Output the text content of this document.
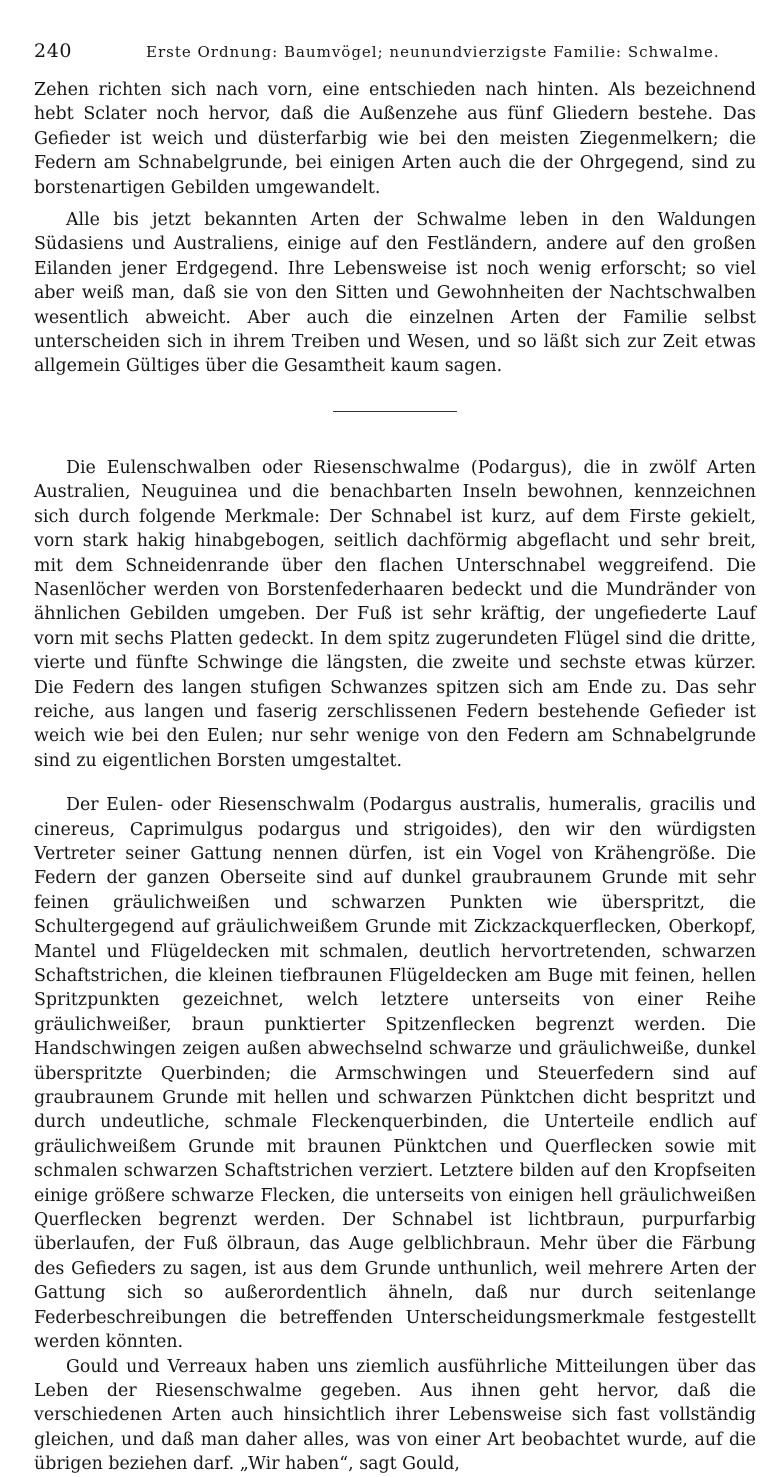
240	Erste Ordnung: Baumvögel; neunundvierzigste Familie: Schwalme.

Zehen richten sich nach vorn, eine entschieden nach hinten. Als bezeichnend hebt Sclater noch hervor, daß die Außenzehe aus fünf Gliedern bestehe. Das Gefieder ist weich und düsterfarbig wie bei den meisten Ziegenmelkern; die Federn am Schnabelgrunde, bei einigen Arten auch die der Ohrgegend, sind zu borstenartigen Gebilden umgewandelt.

Alle bis jetzt bekannten Arten der Schwalme leben in den Waldungen Südasiens und Australiens, einige auf den Festländern, andere auf den großen Eilanden jener Erdgegend. Ihre Lebensweise ist noch wenig erforscht; so viel aber weiß man, daß sie von den Sitten und Gewohnheiten der Nachtschwalben wesentlich abweicht. Aber auch die einzelnen Arten der Familie selbst unterscheiden sich in ihrem Treiben und Wesen, und so läßt sich zur Zeit etwas allgemein Gültiges über die Gesamtheit kaum sagen.

Die Eulenschwalben oder Riesenschwalme (Podargus), die in zwölf Arten Australien, Neuguinea und die benachbarten Inseln bewohnen, kennzeichnen sich durch folgende Merkmale: Der Schnabel ist kurz, auf dem Firste gekielt, vorn stark hakig hinabgebogen, seitlich dachförmig abgeflacht und sehr breit, mit dem Schneidenrande über den flachen Unterschnabel weggreifend. Die Nasenlöcher werden von Borstenfederhaaren bedeckt und die Mundränder von ähnlichen Gebilden umgeben. Der Fuß ist sehr kräftig, der ungefiederte Lauf vorn mit sechs Platten gedeckt. In dem spitz zugerundeten Flügel sind die dritte, vierte und fünfte Schwinge die längsten, die zweite und sechste etwas kürzer. Die Federn des langen stufigen Schwanzes spitzen sich am Ende zu. Das sehr reiche, aus langen und faserig zerschlissenen Federn bestehende Gefieder ist weich wie bei den Eulen; nur sehr wenige von den Federn am Schnabelgrunde sind zu eigentlichen Borsten umgestaltet.

Der Eulen- oder Riesenschwalm (Podargus australis, humeralis, gracilis und cinereus, Caprimulgus podargus und strigoides), den wir den würdigsten Vertreter seiner Gattung nennen dürfen, ist ein Vogel von Krähengröße. Die Federn der ganzen Oberseite sind auf dunkel graubraunem Grunde mit sehr feinen gräulichweißen und schwarzen Punkten wie überspritzt, die Schultergegend auf gräulichweißem Grunde mit Zickzackquerflecken, Oberkopf, Mantel und Flügeldecken mit schmalen, deutlich hervortretenden, schwarzen Schaftstrichen, die kleinen tiefbraunen Flügeldecken am Buge mit feinen, hellen Spritzpunkten gezeichnet, welch letztere unterseits von einer Reihe gräulichweißer, braun punktierter Spitzenflecken begrenzt werden. Die Handschwingen zeigen außen abwechselnd schwarze und gräulichweiße, dunkel überspritzte Querbinden; die Armschwingen und Steuerfedern sind auf graubraunem Grunde mit hellen und schwarzen Pünktchen dicht bespritzt und durch undeutliche, schmale Fleckenquerbinden, die Unterteile endlich auf gräulichweißem Grunde mit braunen Pünktchen und Querflecken sowie mit schmalen schwarzen Schaftstrichen verziert. Letztere bilden auf den Kropfseiten einige größere schwarze Flecken, die unterseits von einigen hell gräulichweißen Querflecken begrenzt werden. Der Schnabel ist lichtbraun, purpurfarbig überlaufen, der Fuß ölbraun, das Auge gelblichbraun. Mehr über die Färbung des Gefieders zu sagen, ist aus dem Grunde unthunlich, weil mehrere Arten der Gattung sich so außerordentlich ähneln, daß nur durch seitenlange Federbeschreibungen die betreffenden Unterscheidungsmerkmale festgestellt werden könnten.

Gould und Verreaux haben uns ziemlich ausführliche Mitteilungen über das Leben der Riesenschwalme gegeben. Aus ihnen geht hervor, daß die verschiedenen Arten auch hinsichtlich ihrer Lebensweise sich fast vollständig gleichen, und daß man daher alles, was von einer Art beobachtet wurde, auf die übrigen beziehen darf. „Wir haben“, sagt Gould,
